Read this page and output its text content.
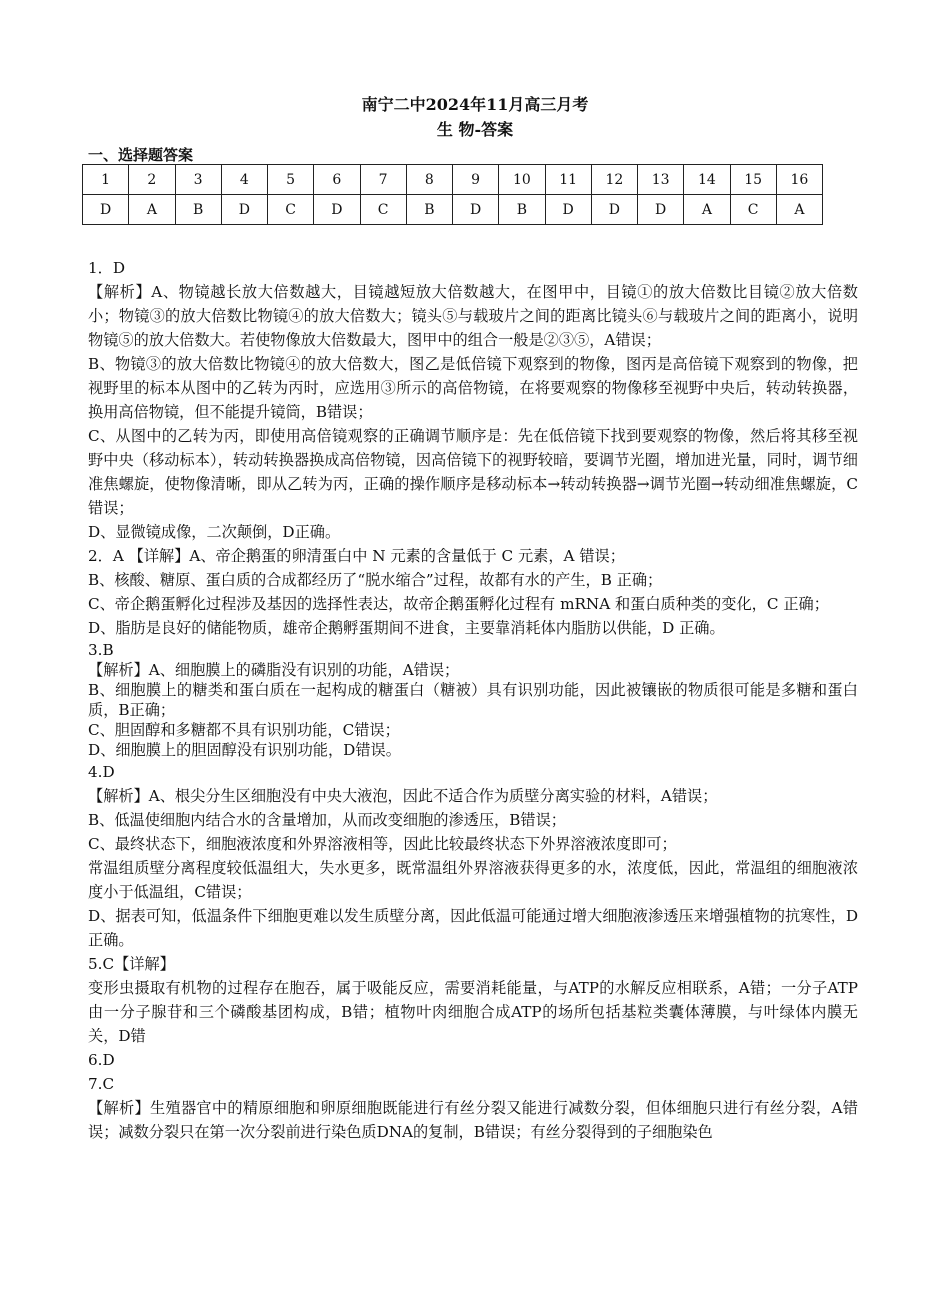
南宁二中2024年11月高三月考
生 物-答案
一、选择题答案
1	2	3	4	5	6	7	8	9	10	11	12	13	14	15	16
D	A	B	D	C	D	C	B	D	B	D	D	D	A	C	A

1．D

【解析】A、物镜越长放大倍数越大，目镜越短放大倍数越大，在图甲中，目镜①的放大倍数比目镜②放大倍数小；物镜③的放大倍数比物镜④的放大倍数大；镜头⑤与载玻片之间的距离比镜头⑥与载玻片之间的距离小，说明物镜⑤的放大倍数大。若使物像放大倍数最大，图甲中的组合一般是②③⑤，A错误；

B、物镜③的放大倍数比物镜④的放大倍数大，图乙是低倍镜下观察到的物像，图丙是高倍镜下观察到的物像，把视野里的标本从图中的乙转为丙时，应选用③所示的高倍物镜，在将要观察的物像移至视野中央后，转动转换器，换用高倍物镜，但不能提升镜筒，B错误；

C、从图中的乙转为丙，即使用高倍镜观察的正确调节顺序是：先在低倍镜下找到要观察的物像，然后将其移至视野中央（移动标本），转动转换器换成高倍物镜，因高倍镜下的视野较暗，要调节光圈，增加进光量，同时，调节细准焦螺旋，使物像清晰，即从乙转为丙，正确的操作顺序是移动标本→转动转换器→调节光圈→转动细准焦螺旋，C错误；

D、显微镜成像，二次颠倒，D正确。

2．A 【详解】A、帝企鹅蛋的卵清蛋白中 N 元素的含量低于 C 元素，A 错误；

B、核酸、糖原、蛋白质的合成都经历了“脱水缩合”过程，故都有水的产生，B 正确；

C、帝企鹅蛋孵化过程涉及基因的选择性表达，故帝企鹅蛋孵化过程有 mRNA 和蛋白质种类的变化，C 正确；

D、脂肪是良好的储能物质，雄帝企鹅孵蛋期间不进食，主要靠消耗体内脂肪以供能，D 正确。

3.B

【解析】A、细胞膜上的磷脂没有识别的功能，A错误；

B、细胞膜上的糖类和蛋白质在一起构成的糖蛋白（糖被）具有识别功能，因此被镶嵌的物质很可能是多糖和蛋白质，B正确；

C、胆固醇和多糖都不具有识别功能，C错误；

D、细胞膜上的胆固醇没有识别功能，D错误。

4.D

【解析】A、根尖分生区细胞没有中央大液泡，因此不适合作为质壁分离实验的材料，A错误；

B、低温使细胞内结合水的含量增加，从而改变细胞的渗透压，B错误；

C、最终状态下，细胞液浓度和外界溶液相等，因此比较最终状态下外界溶液浓度即可；

常温组质壁分离程度较低温组大，失水更多，既常温组外界溶液获得更多的水，浓度低，因此，常温组的细胞液浓度小于低温组，C错误；

D、据表可知，低温条件下细胞更难以发生质壁分离，因此低温可能通过增大细胞液渗透压来增强植物的抗寒性，D正确。

5.C【详解】

变形虫摄取有机物的过程存在胞吞，属于吸能反应，需要消耗能量，与ATP的水解反应相联系，A错；一分子ATP由一分子腺苷和三个磷酸基团构成，B错；植物叶肉细胞合成ATP的场所包括基粒类囊体薄膜，与叶绿体内膜无关，D错

6.D

7.C

【解析】生殖器官中的精原细胞和卵原细胞既能进行有丝分裂又能进行减数分裂，但体细胞只进行有丝分裂，A错误；减数分裂只在第一次分裂前进行染色质DNA的复制，B错误；有丝分裂得到的子细胞染色
